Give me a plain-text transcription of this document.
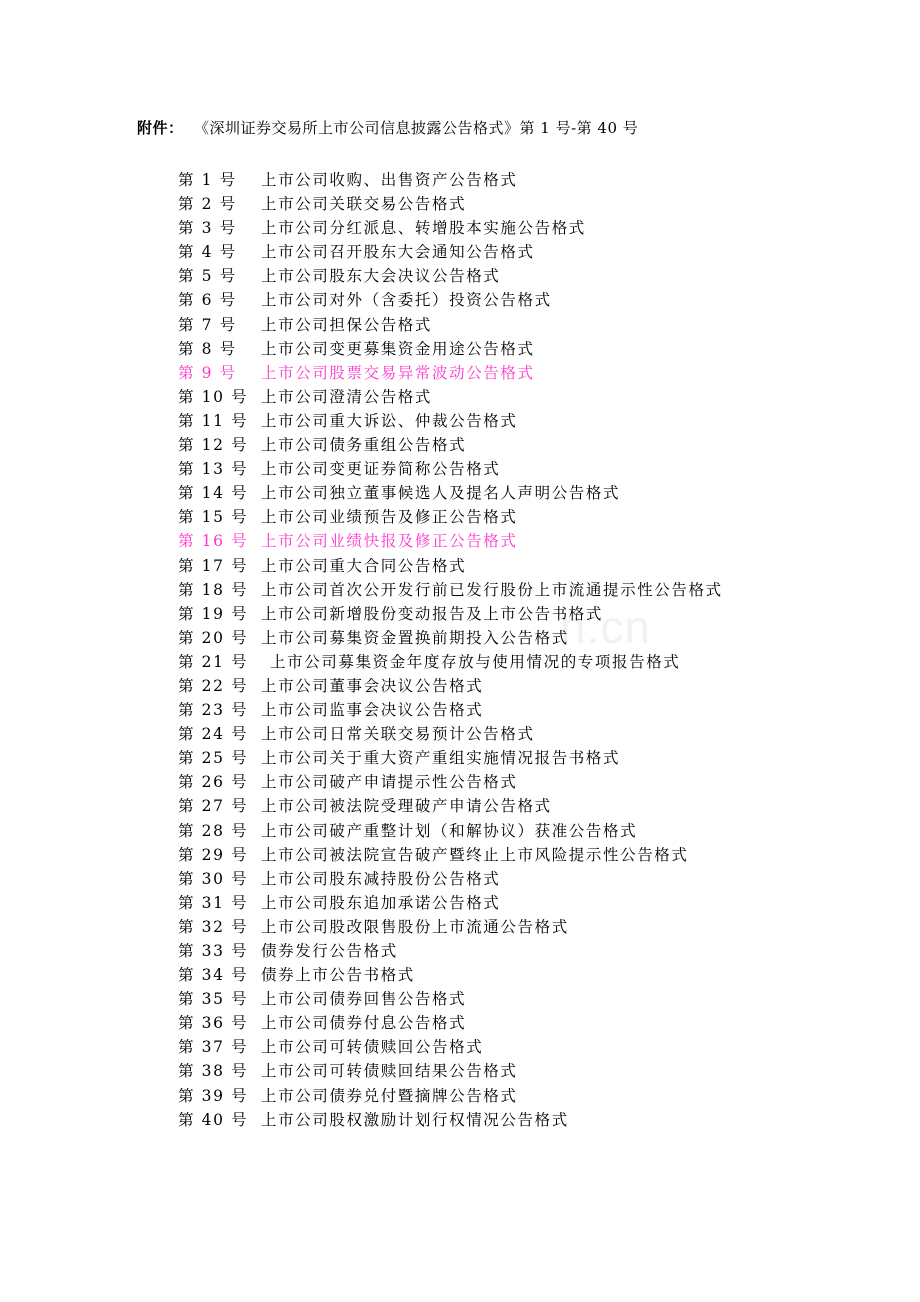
n.cn
附件： 《深圳证券交易所上市公司信息披露公告格式》第 1 号-第 40 号
第 1 号 上市公司收购、出售资产公告格式
第 2 号 上市公司关联交易公告格式
第 3 号 上市公司分红派息、转增股本实施公告格式
第 4 号 上市公司召开股东大会通知公告格式
第 5 号 上市公司股东大会决议公告格式
第 6 号 上市公司对外（含委托）投资公告格式
第 7 号 上市公司担保公告格式
第 8 号 上市公司变更募集资金用途公告格式
第 9 号 上市公司股票交易异常波动公告格式
第 10 号 上市公司澄清公告格式
第 11 号 上市公司重大诉讼、仲裁公告格式
第 12 号 上市公司债务重组公告格式
第 13 号 上市公司变更证券简称公告格式
第 14 号 上市公司独立董事候选人及提名人声明公告格式
第 15 号 上市公司业绩预告及修正公告格式
第 16 号 上市公司业绩快报及修正公告格式
第 17 号 上市公司重大合同公告格式
第 18 号 上市公司首次公开发行前已发行股份上市流通提示性公告格式
第 19 号 上市公司新增股份变动报告及上市公告书格式
第 20 号 上市公司募集资金置换前期投入公告格式
第 21 号 上市公司募集资金年度存放与使用情况的专项报告格式
第 22 号 上市公司董事会决议公告格式
第 23 号 上市公司监事会决议公告格式
第 24 号 上市公司日常关联交易预计公告格式
第 25 号 上市公司关于重大资产重组实施情况报告书格式
第 26 号 上市公司破产申请提示性公告格式
第 27 号 上市公司被法院受理破产申请公告格式
第 28 号 上市公司破产重整计划（和解协议）获准公告格式
第 29 号 上市公司被法院宣告破产暨终止上市风险提示性公告格式
第 30 号 上市公司股东减持股份公告格式
第 31 号 上市公司股东追加承诺公告格式
第 32 号 上市公司股改限售股份上市流通公告格式
第 33 号 债券发行公告格式
第 34 号 债券上市公告书格式
第 35 号 上市公司债券回售公告格式
第 36 号 上市公司债券付息公告格式
第 37 号 上市公司可转债赎回公告格式
第 38 号 上市公司可转债赎回结果公告格式
第 39 号 上市公司债券兑付暨摘牌公告格式
第 40 号 上市公司股权激励计划行权情况公告格式
